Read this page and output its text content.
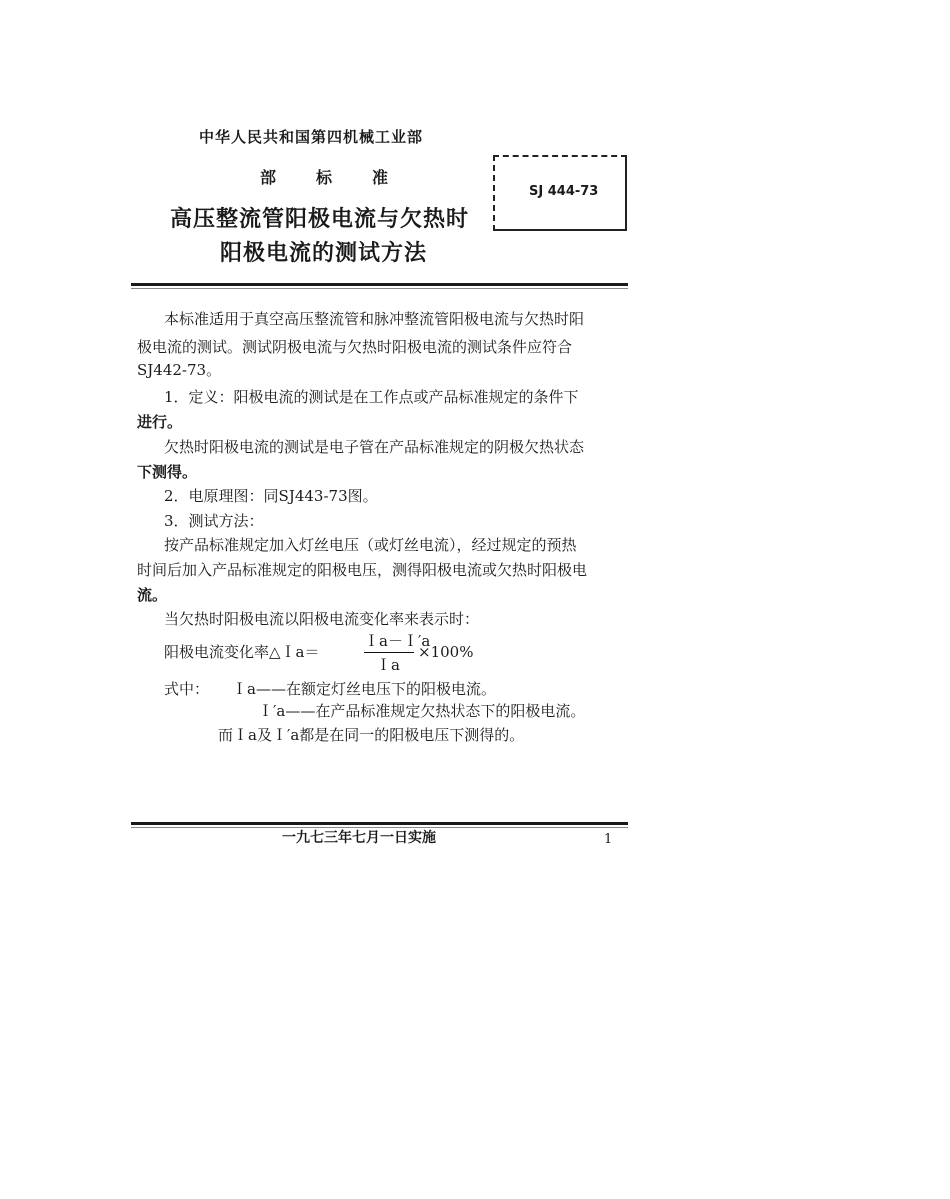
中华人民共和国第四机械工业部
部	标	准
高压整流管阳极电流与欠热时
阳极电流的测试方法
SJ 444-73
本标准适用于真空高压整流管和脉冲整流管阳极电流与欠热时阳
极电流的测试。测试阴极电流与欠热时阳极电流的测试条件应符合
SJ442-73。
1．定义：阳极电流的测试是在工作点或产品标准规定的条件下
进行。
欠热时阳极电流的测试是电子管在产品标准规定的阴极欠热状态
下测得。
2．电原理图：同SJ443-73图。
3．测试方法：
按产品标准规定加入灯丝电压（或灯丝电流），经过规定的预热
时间后加入产品标准规定的阳极电压，测得阳极电流或欠热时阳极电
流。
当欠热时阳极电流以阳极电流变化率来表示时：
阳极电流变化率△Ｉa＝
Ｉa－Ｉ′a
Ｉa
×100%
式中： Ｉa——在额定灯丝电压下的阳极电流。
Ｉ′a——在产品标准规定欠热状态下的阳极电流。
而Ｉa及Ｉ′a都是在同一的阳极电压下测得的。
一九七三年七月一日实施	1
